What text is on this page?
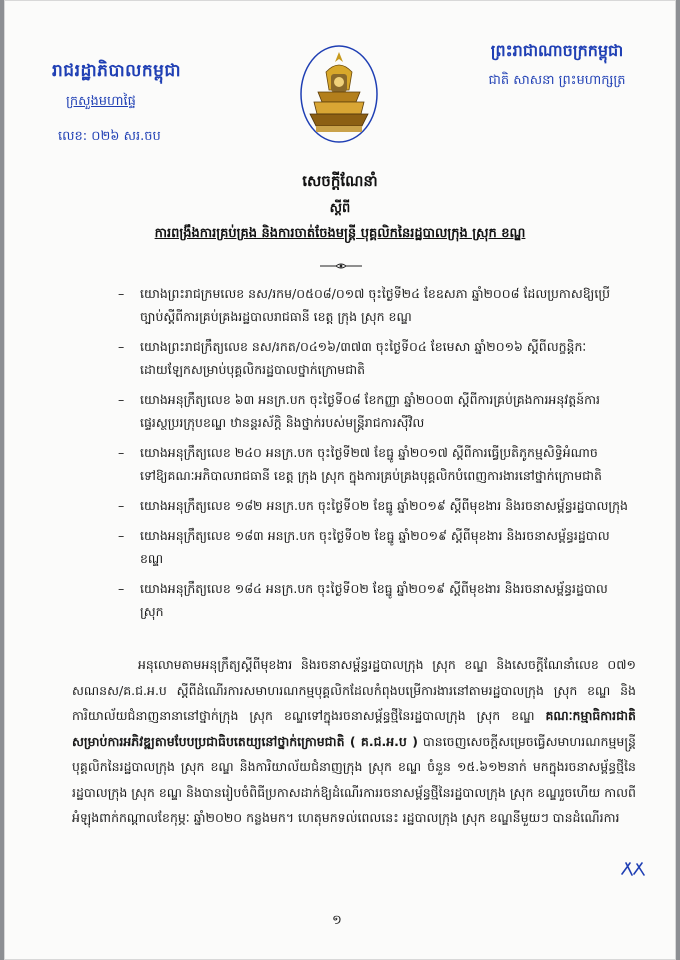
រាជរដ្ឋាភិបាលកម្ពុជា
ក្រសួងមហាផ្ទៃ
លេខ: ០២៦ សរ.ចប
ព្រះរាជាណាចក្រកម្ពុជា
ជាតិ សាសនា ព្រះមហាក្សត្រ
សេចក្តីណែនាំ
ស្តីពី
ការពង្រឹងការគ្រប់គ្រង និងការចាត់ចែងមន្ត្រី បុគ្គលិកនៃរដ្ឋបាលក្រុង ស្រុក ខណ្ឌ
– យោងព្រះរាជក្រមលេខ នស/រកម/០៥០៨/០១៧ ចុះថ្ងៃទី២៤ ខែឧសភា ឆ្នាំ២០០៨ ដែលប្រកាសឱ្យប្រើច្បាប់ស្តីពីការគ្រប់គ្រងរដ្ឋបាលរាជធានី ខេត្ត ក្រុង ស្រុក ខណ្ឌ
– យោងព្រះរាជក្រឹត្យលេខ នស/រកត/០៤១៦/៣៧៣ ចុះថ្ងៃទី០៤ ខែមេសា ឆ្នាំ២០១៦ ស្តីពីលក្ខន្តិកៈដោយឡែកសម្រាប់បុគ្គលិករដ្ឋបាលថ្នាក់ក្រោមជាតិ
– យោងអនុក្រឹត្យលេខ ៦៣ អនក្រ.បក ចុះថ្ងៃទី០៨ ខែកញ្ញា ឆ្នាំ២០០៣ ស្តីពីការគ្រប់គ្រងការអនុវត្តន៍ការផ្ទេរស្ថប្ររក្រុបខណ្ឌ ឋានន្តរស័ក្តិ និងថ្នាក់របស់មន្ត្រីរាជការស៊ីវិល
– យោងអនុក្រឹត្យលេខ ២៤០ អនក្រ.បក ចុះថ្ងៃទី២៧ ខែធ្នូ ឆ្នាំ២០១៧ ស្តីពីការធ្វើប្រតិភូកម្មសិទ្ធិអំណាចទៅឱ្យគណៈអភិបាលរាជធានី ខេត្ត ក្រុង ស្រុក ក្នុងការគ្រប់គ្រងបុគ្គលិកបំពេញការងារនៅថ្នាក់ក្រោមជាតិ
– យោងអនុក្រឹត្យលេខ ១៨២ អនក្រ.បក ចុះថ្ងៃទី០២ ខែធ្នូ ឆ្នាំ២០១៩ ស្តីពីមុខងារ និងរចនាសម្ព័ន្ធរដ្ឋបាលក្រុង
– យោងអនុក្រឹត្យលេខ ១៨៣ អនក្រ.បក ចុះថ្ងៃទី០២ ខែធ្នូ ឆ្នាំ២០១៩ ស្តីពីមុខងារ និងរចនាសម្ព័ន្ធរដ្ឋបាលខណ្ឌ
– យោងអនុក្រឹត្យលេខ ១៨៤ អនក្រ.បក ចុះថ្ងៃទី០២ ខែធ្នូ ឆ្នាំ២០១៩ ស្តីពីមុខងារ និងរចនាសម្ព័ន្ធរដ្ឋបាលស្រុក
អនុលោមតាមអនុក្រឹត្យស្តីពីមុខងារ និងរចនាសម្ព័ន្ធរដ្ឋបាលក្រុង ស្រុក ខណ្ឌ និងសេចក្តីណែនាំលេខ ០៧១ សណនស/គ.ជ.អ.ប ស្តីពីដំណើរការសមាហរណកម្មបុគ្គលិកដែលកំពុងបម្រើការងារនៅតាមរដ្ឋបាលក្រុង ស្រុក ខណ្ឌ និងការិយាល័យជំនាញនានានៅថ្នាក់ក្រុង ស្រុក ខណ្ឌទៅក្នុងរចនាសម្ព័ន្ធថ្មីនៃរដ្ឋបាលក្រុង ស្រុក ខណ្ឌ គណៈកម្មាធិការជាតិសម្រាប់ការអភិវឌ្ឍតាមបែបប្រជាធិបតេយ្យនៅថ្នាក់ក្រោមជាតិ ( គ.ជ.អ.ប ) បានចេញសេចក្តីសម្រេចធ្វើសមាហរណកម្មមន្ត្រី បុគ្គលិកនៃរដ្ឋបាលក្រុង ស្រុក ខណ្ឌ និងការិយាល័យជំនាញក្រុង ស្រុក ខណ្ឌ ចំនួន ១៥.៦១២នាក់ មកក្នុងរចនាសម្ព័ន្ធថ្មីនៃរដ្ឋបាលក្រុង ស្រុក ខណ្ឌ និងបានរៀបចំពិធីប្រកាសដាក់ឱ្យដំណើរការរចនាសម្ព័ន្ធថ្មីនៃរដ្ឋបាលក្រុង ស្រុក ខណ្ឌរួចហើយ កាលពីអំឡុងពាក់កណ្តាលខែកុម្ភៈ ឆ្នាំ២០២០ កន្លងមក។ ហេតុមកទល់ពេលនេះ រដ្ឋបាលក្រុង ស្រុក ខណ្ឌនីមួយៗ បានដំណើរការ
១
